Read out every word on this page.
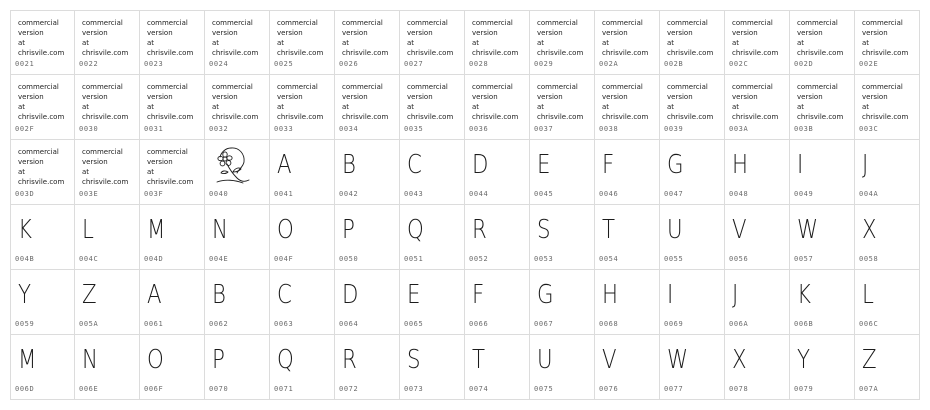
commercial
version
at
chrisvile.com
0021
commercial
version
at
chrisvile.com
0022
commercial
version
at
chrisvile.com
0023
commercial
version
at
chrisvile.com
0024
commercial
version
at
chrisvile.com
0025
commercial
version
at
chrisvile.com
0026
commercial
version
at
chrisvile.com
0027
commercial
version
at
chrisvile.com
0028
commercial
version
at
chrisvile.com
0029
commercial
version
at
chrisvile.com
002A
commercial
version
at
chrisvile.com
002B
commercial
version
at
chrisvile.com
002C
commercial
version
at
chrisvile.com
002D
commercial
version
at
chrisvile.com
002E
commercial
version
at
chrisvile.com
002F
commercial
version
at
chrisvile.com
0030
commercial
version
at
chrisvile.com
0031
commercial
version
at
chrisvile.com
0032
commercial
version
at
chrisvile.com
0033
commercial
version
at
chrisvile.com
0034
commercial
version
at
chrisvile.com
0035
commercial
version
at
chrisvile.com
0036
commercial
version
at
chrisvile.com
0037
commercial
version
at
chrisvile.com
0038
commercial
version
at
chrisvile.com
0039
commercial
version
at
chrisvile.com
003A
commercial
version
at
chrisvile.com
003B
commercial
version
at
chrisvile.com
003C
commercial
version
at
chrisvile.com
003D
commercial
version
at
chrisvile.com
003E
commercial
version
at
chrisvile.com
003F	0040
A
0041
B
0042
C
0043
D
0044
E
0045
F
0046
G
0047
H
0048
I
0049
J
004A
K
004B
L
004C
M
004D
N
004E
O
004F
P
0050
Q
0051
R
0052
S
0053
T
0054
U
0055
V
0056
W
0057
X
0058
Y
0059
Z
005A
A
0061
B
0062
C
0063
D
0064
E
0065
F
0066
G
0067
H
0068
I
0069
J
006A
K
006B
L
006C
M
006D
N
006E
O
006F
P
0070
Q
0071
R
0072
S
0073
T
0074
U
0075
V
0076
W
0077
X
0078
Y
0079
Z
007A
